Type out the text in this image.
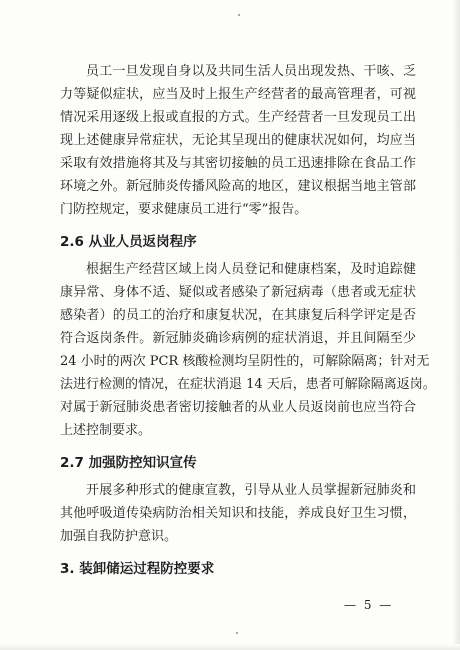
员工一旦发现自身以及共同生活人员出现发热、干咳、乏
力等疑似症状，应当及时上报生产经营者的最高管理者，可视
情况采用逐级上报或直报的方式。生产经营者一旦发现员工出
现上述健康异常症状，无论其呈现出的健康状况如何，均应当
采取有效措施将其及与其密切接触的员工迅速排除在食品工作
环境之外。新冠肺炎传播风险高的地区，建议根据当地主管部
门防控规定，要求健康员工进行“零”报告。

2.6 从业人员返岗程序

根据生产经营区域上岗人员登记和健康档案，及时追踪健
康异常、身体不适、疑似或者感染了新冠病毒（患者或无症状
感染者）的员工的治疗和康复状况，在其康复后科学评定是否
符合返岗条件。新冠肺炎确诊病例的症状消退，并且间隔至少
24 小时的两次 PCR 核酸检测均呈阴性的，可解除隔离；针对无
法进行检测的情况，在症状消退 14 天后，患者可解除隔离返岗。
对属于新冠肺炎患者密切接触者的从业人员返岗前也应当符合
上述控制要求。

2.7 加强防控知识宣传

开展多种形式的健康宣教，引导从业人员掌握新冠肺炎和
其他呼吸道传染病防治相关知识和技能，养成良好卫生习惯，
加强自我防护意识。

3. 装卸储运过程防控要求
— 5 —
